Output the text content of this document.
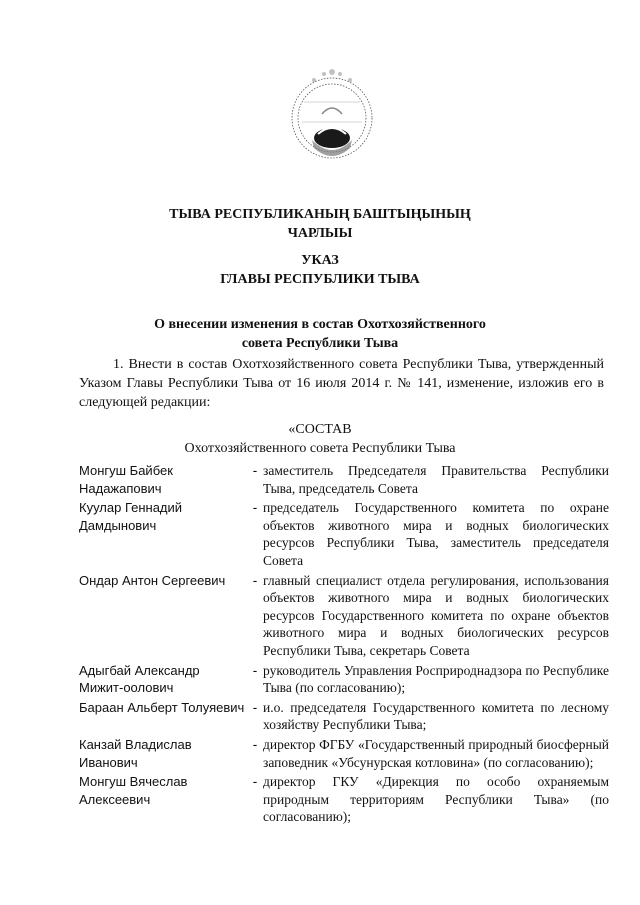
ТЫВА РЕСПУБЛИКАНЫҢ БАШТЫҢЫНЫҢ
ЧАРЛЫЫ
УКАЗ
ГЛАВЫ РЕСПУБЛИКИ ТЫВА
О внесении изменения в состав Охотхозяйственного
совета Республики Тыва
1. Внести в состав Охотхозяйственного совета Республики Тыва, утвержденный Указом Главы Республики Тыва от 16 июля 2014 г. № 141, изменение, изложив его в следующей редакции:
«СОСТАВ
Охотхозяйственного совета Республики Тыва
Монгуш Байбек Надажапович	-	заместитель Председателя Правительства Республики Тыва, председатель Совета
Куулар Геннадий Дамдынович	-	председатель Государственного комитета по охране объектов животного мира и водных биологических ресурсов Республики Тыва, заместитель председателя Совета
Ондар Антон Сергеевич	-	главный специалист отдела регулирования, использования объектов животного мира и водных биологических ресурсов Государственного комитета по охране объектов животного мира и водных биологических ресурсов Республики Тыва, секретарь Совета
Адыгбай Александр Мижит-оолович	-	руководитель Управления Росприроднадзора по Республике Тыва (по согласованию);
Бараан Альберт Толуяевич	-	и.о. председателя Государственного комитета по лесному хозяйству Республики Тыва;
Канзай Владислав Иванович	-	директор ФГБУ «Государственный природный биосферный заповедник «Убсунурская котловина» (по согласованию);
Монгуш Вячеслав Алексеевич	-	директор ГКУ «Дирекция по особо охраняемым природным территориям Республики Тыва» (по согласованию);
